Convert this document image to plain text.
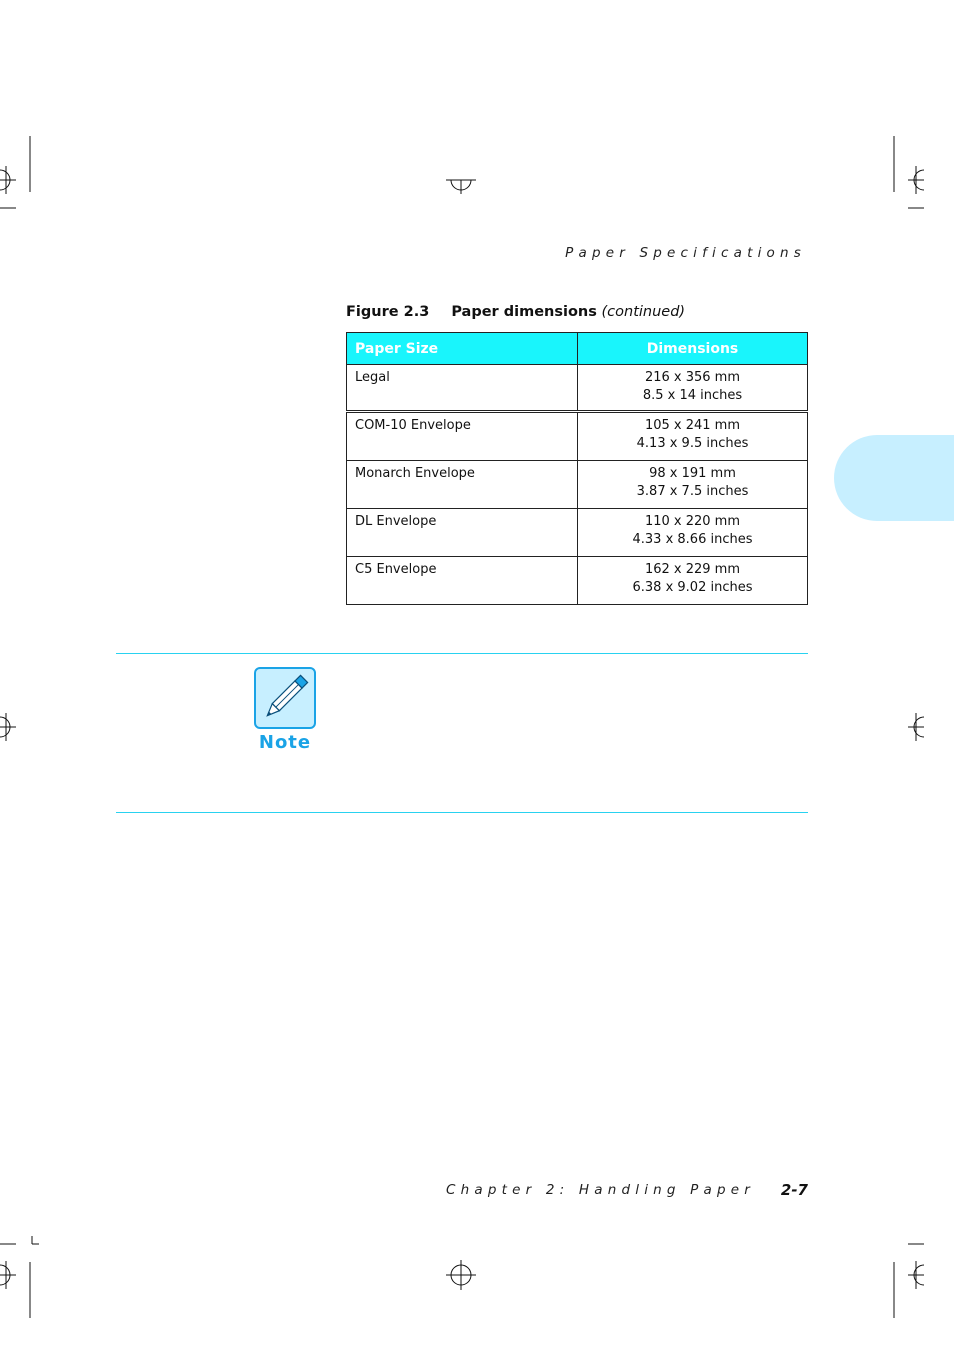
Paper Specifications
Figure 2.3 Paper dimensions (continued)
Paper Size	Dimensions
Legal	216 x 356 mm
8.5 x 14 inches

COM-10 Envelope	105 x 241 mm
4.13 x 9.5 inches

Monarch Envelope	98 x 191 mm
3.87 x 7.5 inches

DL Envelope	110 x 220 mm
4.33 x 8.66 inches

C5 Envelope	162 x 229 mm
6.38 x 9.02 inches
Note
Chapter 2: Handling Paper	2-7
